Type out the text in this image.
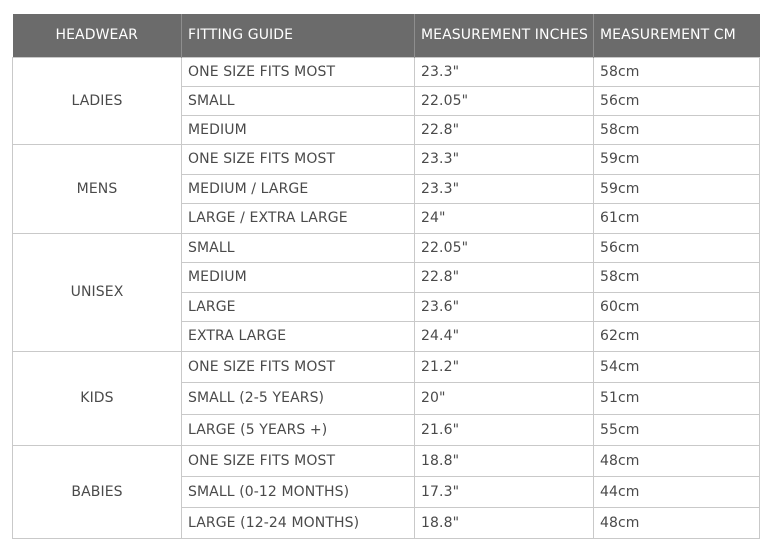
HEADWEAR	FITTING GUIDE	MEASUREMENT INCHES	MEASUREMENT CM
LADIES	ONE SIZE FITS MOST	23.3"	58cm
	SMALL	22.05"	56cm
	MEDIUM	22.8"	58cm
MENS	ONE SIZE FITS MOST	23.3"	59cm
	MEDIUM / LARGE	23.3"	59cm
	LARGE / EXTRA LARGE	24"	61cm
UNISEX	SMALL	22.05"	56cm
	MEDIUM	22.8"	58cm
	LARGE	23.6"	60cm
	EXTRA LARGE	24.4"	62cm
KIDS	ONE SIZE FITS MOST	21.2"	54cm
	SMALL (2-5 YEARS)	20"	51cm
	LARGE (5 YEARS +)	21.6"	55cm
BABIES	ONE SIZE FITS MOST	18.8"	48cm
	SMALL (0-12 MONTHS)	17.3"	44cm
	LARGE (12-24 MONTHS)	18.8"	48cm
